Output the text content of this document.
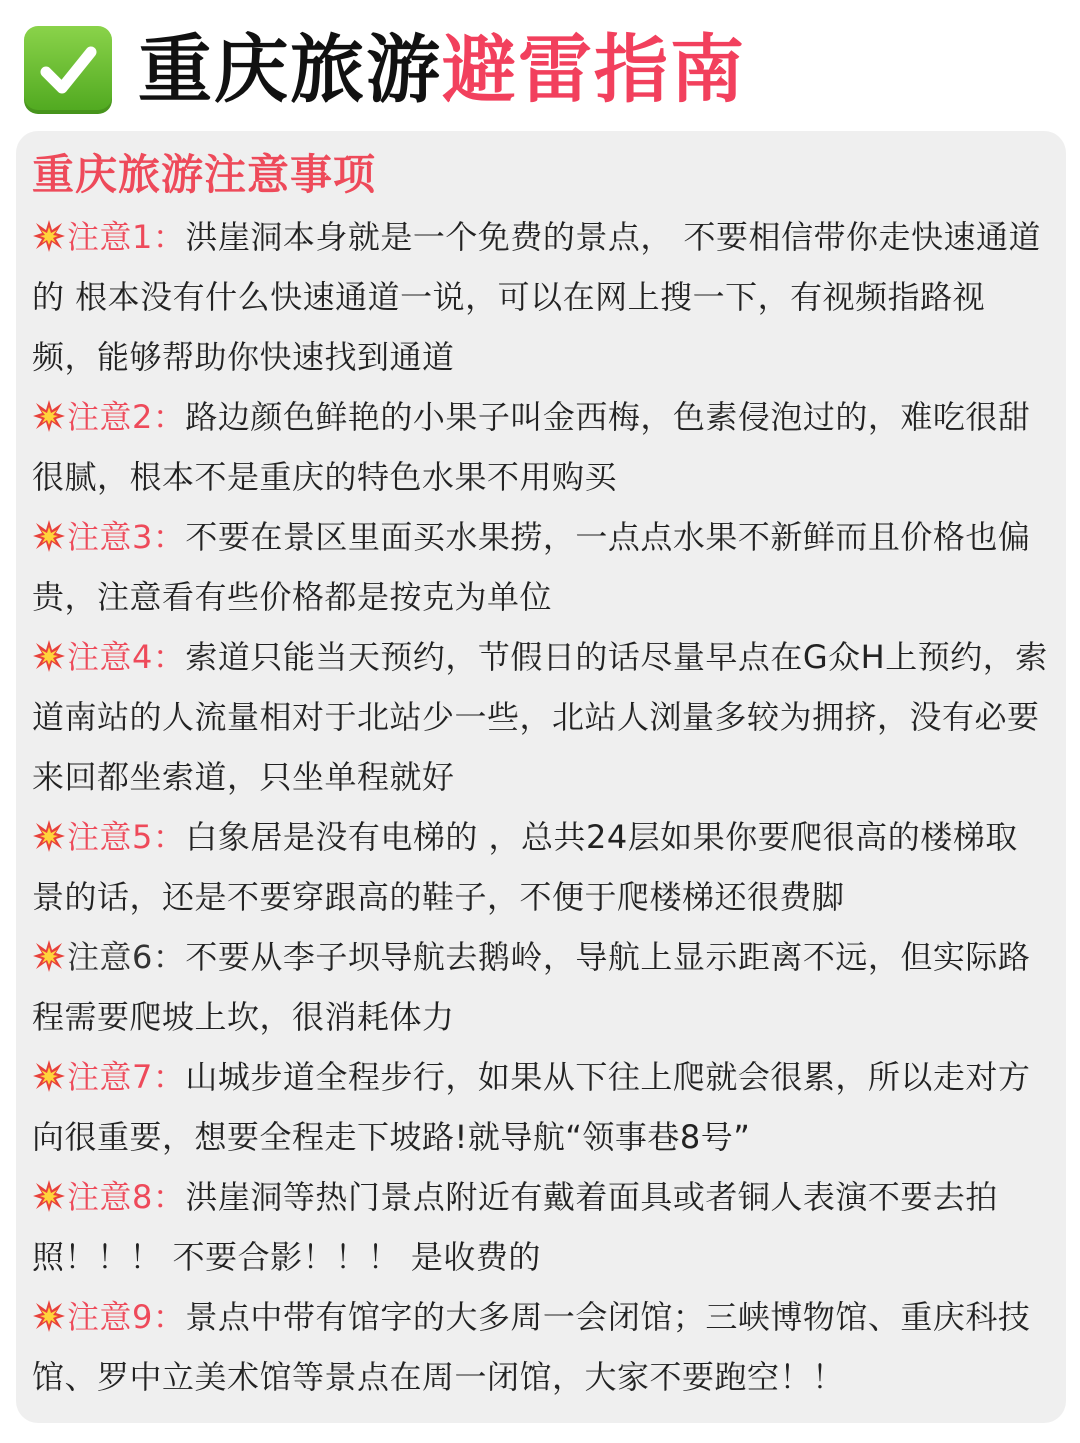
重庆旅游避雷指南
重庆旅游注意事项
注意1：洪崖洞本身就是一个免费的景点， 不要相信带你走快速通道的 根本没有什么快速通道一说，可以在网上搜一下，有视频指路视频，能够帮助你快速找到通道
注意2：路边颜色鲜艳的小果子叫金西梅，色素侵泡过的，难吃很甜很腻，根本不是重庆的特色水果不用购买
注意3：不要在景区里面买水果捞，一点点水果不新鲜而且价格也偏贵，注意看有些价格都是按克为单位
注意4：索道只能当天预约，节假日的话尽量早点在G众H上预约，索道南站的人流量相对于北站少一些，北站人浏量多较为拥挤，没有必要来回都坐索道，只坐单程就好
注意5：白象居是没有电梯的 ，总共24层如果你要爬很高的楼梯取景的话，还是不要穿跟高的鞋子，不便于爬楼梯还很费脚
注意6：不要从李子坝导航去鹅岭，导航上显示距离不远，但实际路程需要爬坡上坎，很消耗体力
注意7：山城步道全程步行，如果从下往上爬就会很累，所以走对方向很重要，想要全程走下坡路!就导航“领事巷8号”
注意8：洪崖洞等热门景点附近有戴着面具或者铜人表演不要去拍照！！！ 不要合影！！！ 是收费的
注意9：景点中带有馆字的大多周一会闭馆；三峡博物馆、重庆科技馆、罗中立美术馆等景点在周一闭馆，大家不要跑空！！
